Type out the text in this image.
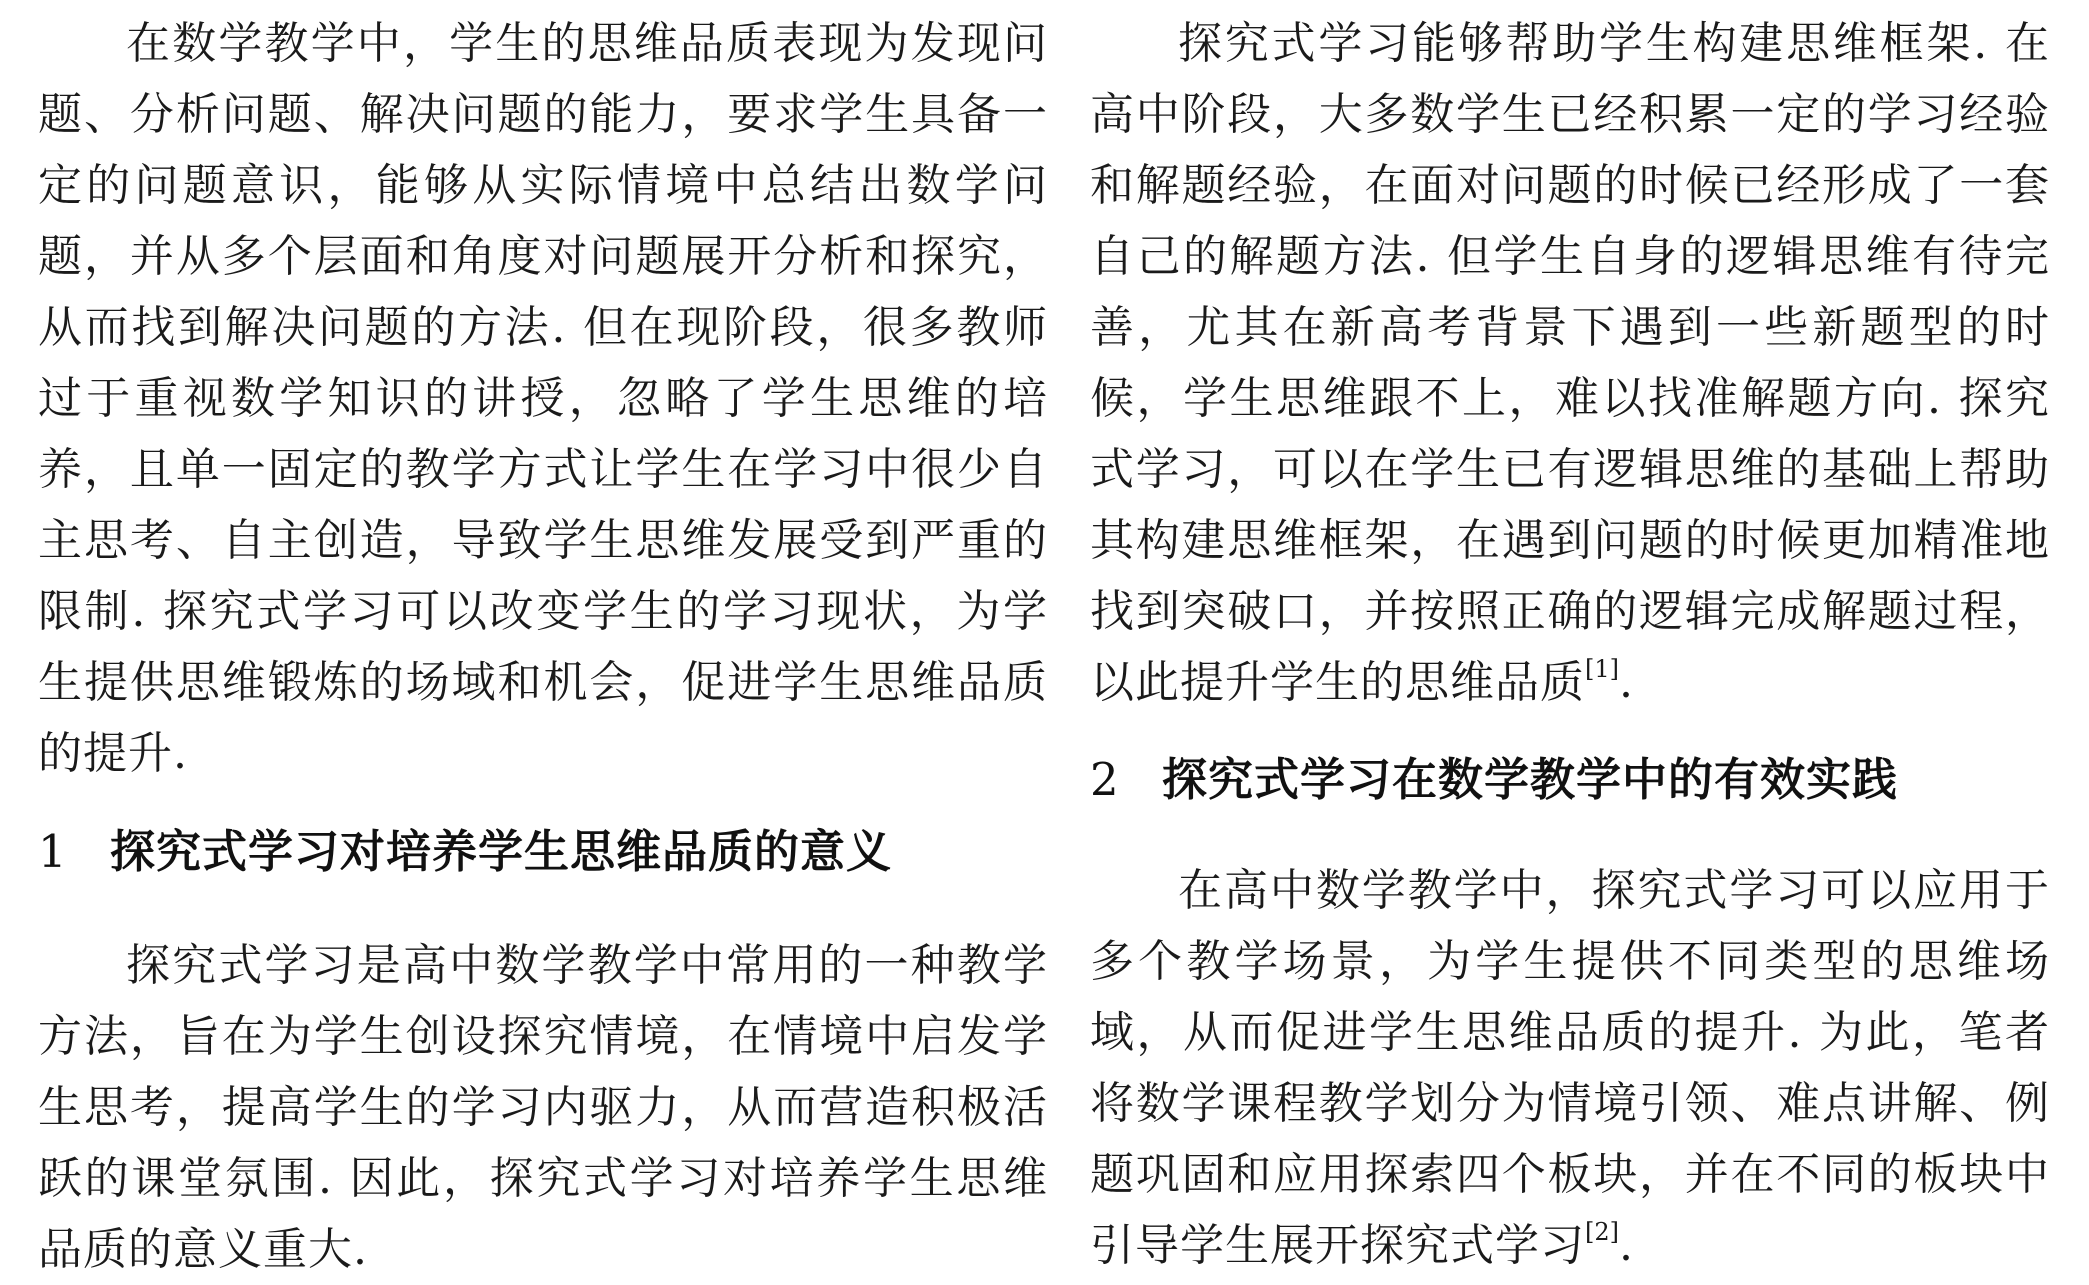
在数学教学中，学生的思维品质表现为发现问题、分析问题、解决问题的能力，要求学生具备一定的问题意识，能够从实际情境中总结出数学问题，并从多个层面和角度对问题展开分析和探究，从而找到解决问题的方法. 但在现阶段，很多教师过于重视数学知识的讲授，忽略了学生思维的培养，且单一固定的教学方式让学生在学习中很少自主思考、自主创造，导致学生思维发展受到严重的限制. 探究式学习可以改变学生的学习现状，为学生提供思维锻炼的场域和机会，促进学生思维品质的提升.

1 探究式学习对培养学生思维品质的意义

探究式学习是高中数学教学中常用的一种教学方法，旨在为学生创设探究情境，在情境中启发学生思考，提高学生的学习内驱力，从而营造积极活跃的课堂氛围. 因此，探究式学习对培养学生思维品质的意义重大.

探究式学习能够帮助学生构建思维框架. 在高中阶段，大多数学生已经积累一定的学习经验和解题经验，在面对问题的时候已经形成了一套自己的解题方法. 但学生自身的逻辑思维有待完善，尤其在新高考背景下遇到一些新题型的时候，学生思维跟不上，难以找准解题方向. 探究式学习，可以在学生已有逻辑思维的基础上帮助其构建思维框架，在遇到问题的时候更加精准地找到突破口，并按照正确的逻辑完成解题过程，以此提升学生的思维品质[1].

2 探究式学习在数学教学中的有效实践

在高中数学教学中，探究式学习可以应用于多个教学场景，为学生提供不同类型的思维场域，从而促进学生思维品质的提升. 为此，笔者将数学课程教学划分为情境引领、难点讲解、例题巩固和应用探索四个板块，并在不同的板块中引导学生展开探究式学习[2].
